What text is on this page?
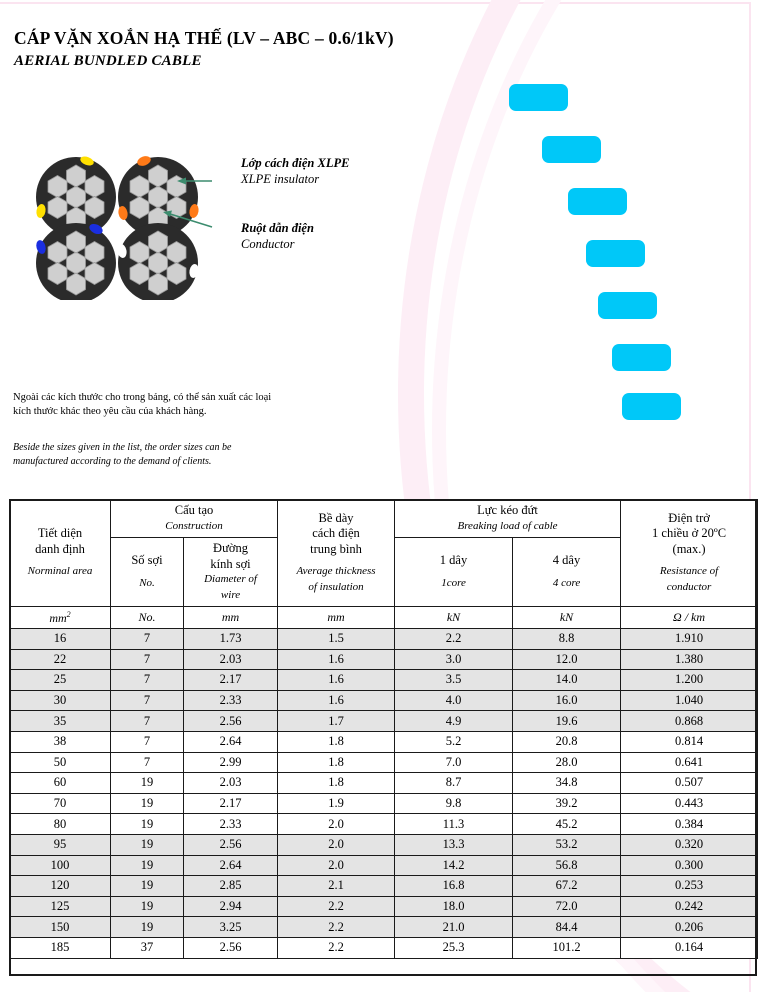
CÁP VẶN XOẮN HẠ THẾ (LV – ABC – 0.6/1kV)
AERIAL BUNDLED CABLE
Lớp cách điện XLPE
XLPE insulator
Ruột dẫn điện
Conductor
Ngoài các kích thước cho trong bảng, có thể sản xuất các loại
kích thước khác theo yêu cầu của khách hàng.
Beside the sizes given in the list, the order sizes can be
manufactured according to the demand of clients.
Tiết diện
danh định
Norminal area	Cấu tạo
Construction		Bề dày
cách điện
trung bình
Average thickness
of insulation	Lực kéo đứt
Breaking load of cable		Điện trở
1 chiều ở 20ºC
(max.)
Resistance of
conductor

	Số sợi
No.	Đường
kính sợi
Diameter of
wire		1 dây
1core	4 dây
4 core	

$mm^2$	No.	mm	mm	kN	kN	Ω / km
16	7	1.73	1.5	2.2	8.8	1.910
22	7	2.03	1.6	3.0	12.0	1.380
25	7	2.17	1.6	3.5	14.0	1.200
30	7	2.33	1.6	4.0	16.0	1.040
35	7	2.56	1.7	4.9	19.6	0.868
38	7	2.64	1.8	5.2	20.8	0.814
50	7	2.99	1.8	7.0	28.0	0.641
60	19	2.03	1.8	8.7	34.8	0.507
70	19	2.17	1.9	9.8	39.2	0.443
80	19	2.33	2.0	11.3	45.2	0.384
95	19	2.56	2.0	13.3	53.2	0.320
100	19	2.64	2.0	14.2	56.8	0.300
120	19	2.85	2.1	16.8	67.2	0.253
125	19	2.94	2.2	18.0	72.0	0.242
150	19	3.25	2.2	21.0	84.4	0.206
185	37	2.56	2.2	25.3	101.2	0.164
